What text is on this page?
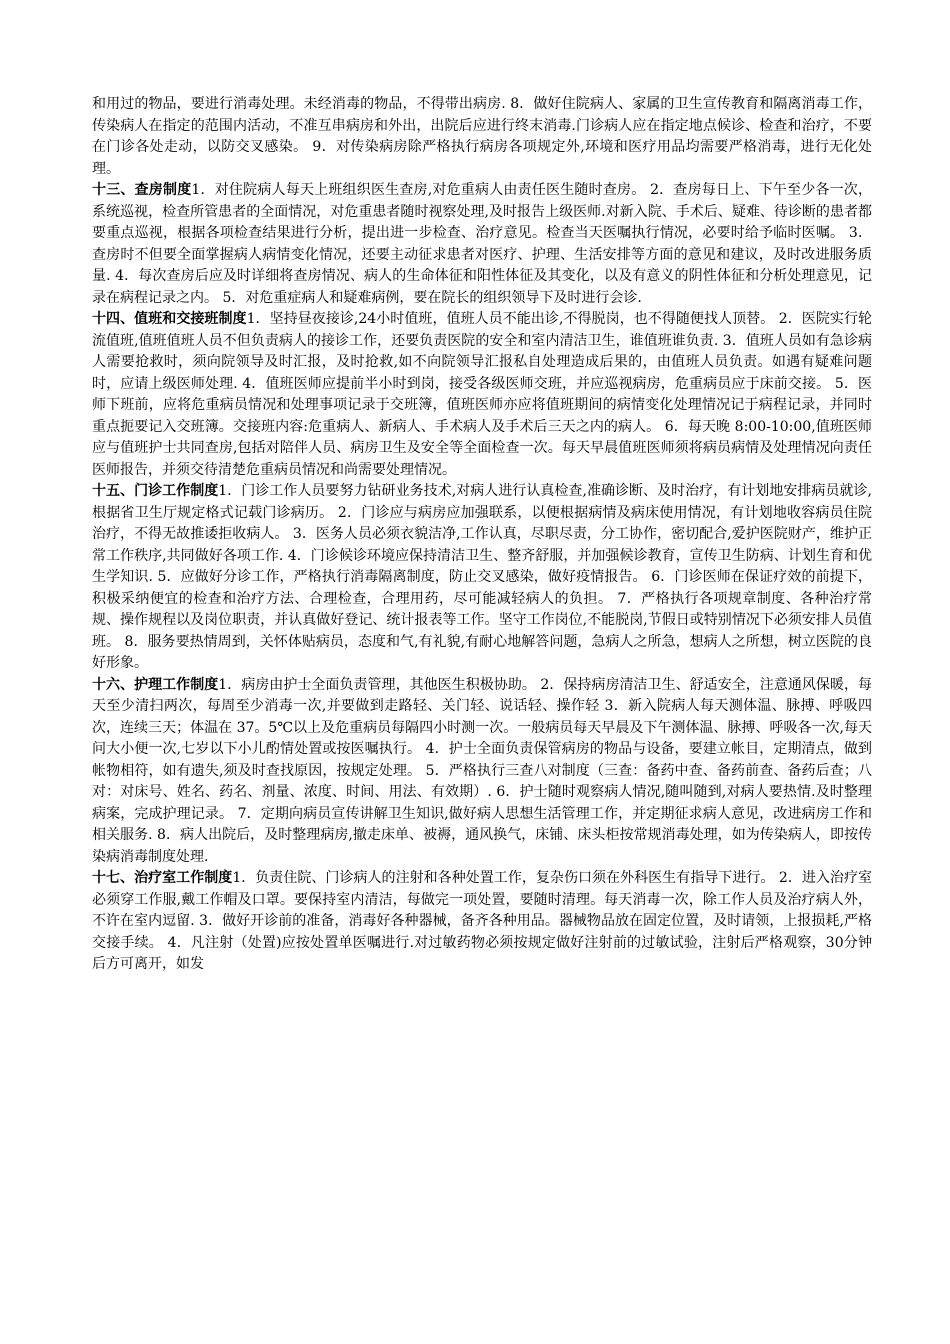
和用过的物品，要进行消毒处理。未经消毒的物品，不得带出病房. 8．做好住院病人、家属的卫生宣传教育和隔离消毒工作，传染病人在指定的范围内活动，不准互串病房和外出，出院后应进行终末消毒.门诊病人应在指定地点候诊、检查和治疗，不要在门诊各处走动，以防交叉感染。 9．对传染病房除严格执行病房各项规定外,环境和医疗用品均需要严格消毒，进行无化处理。

十三、查房制度1．对住院病人每天上班组织医生查房,对危重病人由责任医生随时查房。 2．查房每日上、下午至少各一次，系统巡视，检查所管患者的全面情况，对危重患者随时视察处理,及时报告上级医师.对新入院、手术后、疑难、待诊断的患者都要重点巡视，根据各项检查结果进行分析，提出进一步检查、治疗意见。检查当天医嘱执行情况，必要时给予临时医嘱。 3．查房时不但要全面掌握病人病情变化情况，还要主动征求患者对医疗、护理、生活安排等方面的意见和建议，及时改进服务质量. 4．每次查房后应及时详细将查房情况、病人的生命体征和阳性体征及其变化，以及有意义的阴性体征和分析处理意见，记录在病程记录之内。 5．对危重症病人和疑难病例，要在院长的组织领导下及时进行会诊.

十四、值班和交接班制度1．坚持昼夜接诊,24小时值班，值班人员不能出诊,不得脱岗，也不得随便找人顶替。 2．医院实行轮流值班,值班值班人员不但负责病人的接诊工作，还要负责医院的安全和室内清洁卫生，谁值班谁负责. 3．值班人员如有急诊病人需要抢救时，须向院领导及时汇报，及时抢救,如不向院领导汇报私自处理造成后果的，由值班人员负责。如遇有疑难问题时，应请上级医师处理. 4．值班医师应提前半小时到岗，接受各级医师交班，并应巡视病房，危重病员应于床前交接。 5．医师下班前，应将危重病员情况和处理事项记录于交班簿，值班医师亦应将值班期间的病情变化处理情况记于病程记录，并同时重点扼要记入交班簿。交接班内容:危重病人、新病人、手术病人及手术后三天之内的病人。 6．每天晚 8:00-10:00,值班医师应与值班护士共同查房,包括对陪伴人员、病房卫生及安全等全面检查一次。每天早晨值班医师须将病员病情及处理情况向责任医师报告，并须交待清楚危重病员情况和尚需要处理情况。

十五、门诊工作制度1．门诊工作人员要努力钻研业务技术,对病人进行认真检查,准确诊断、及时治疗，有计划地安排病员就诊,根据省卫生厅规定格式记载门诊病历。 2．门诊应与病房应加强联系，以便根据病情及病床使用情况，有计划地收容病员住院治疗，不得无故推诿拒收病人。 3．医务人员必须衣貌洁净,工作认真，尽职尽责，分工协作，密切配合,爱护医院财产，维护正常工作秩序,共同做好各项工作. 4．门诊候诊环境应保持清洁卫生、整齐舒服，并加强候诊教育，宣传卫生防病、计划生育和优生学知识. 5．应做好分诊工作，严格执行消毒隔离制度，防止交叉感染，做好疫情报告。 6．门诊医师在保证疗效的前提下，积极采纳便宜的检查和治疗方法、合理检查，合理用药，尽可能减轻病人的负担。 7．严格执行各项规章制度、各种治疗常规、操作规程以及岗位职责，并认真做好登记、统计报表等工作。坚守工作岗位,不能脱岗,节假日或特别情况下必须安排人员值班。 8．服务要热情周到，关怀体贴病员，态度和气,有礼貌,有耐心地解答问题，急病人之所急，想病人之所想，树立医院的良好形象。

十六、护理工作制度1．病房由护士全面负责管理，其他医生积极协助。 2．保持病房清洁卫生、舒适安全，注意通风保暖，每天至少清扫两次，每周至少消毒一次,并要做到走路轻、关门轻、说话轻、操作轻 3．新入院病人每天测体温、脉搏、呼吸四次，连续三天；体温在 37。5℃以上及危重病员每隔四小时测一次。一般病员每天早晨及下午测体温、脉搏、呼吸各一次,每天问大小便一次,七岁以下小儿酌情处置或按医嘱执行。 4．护士全面负责保管病房的物品与设备，要建立帐目，定期清点，做到帐物相符，如有遗失,须及时查找原因，按规定处理。 5．严格执行三查八对制度（三查：备药中查、备药前查、备药后查；八对：对床号、姓名、药名、剂量、浓度、时间、用法、有效期）. 6．护士随时观察病人情况,随叫随到,对病人要热情.及时整理病案，完成护理记录。 7．定期向病员宣传讲解卫生知识,做好病人思想生活管理工作，并定期征求病人意见，改进病房工作和相关服务. 8．病人出院后，及时整理病房,撤走床单、被褥，通风换气，床铺、床头柜按常规消毒处理，如为传染病人，即按传染病消毒制度处理.

十七、治疗室工作制度1．负责住院、门诊病人的注射和各种处置工作，复杂伤口须在外科医生有指导下进行。 2．进入治疗室必须穿工作服,戴工作帽及口罩。要保持室内清洁，每做完一项处置，要随时清理。每天消毒一次，除工作人员及治疗病人外，不许在室内逗留. 3．做好开诊前的准备，消毒好各种器械，备齐各种用品。器械物品放在固定位置，及时请领，上报损耗,严格交接手续。 4．凡注射（处置)应按处置单医嘱进行.对过敏药物必须按规定做好注射前的过敏试验，注射后严格观察，30分钟后方可离开，如发
